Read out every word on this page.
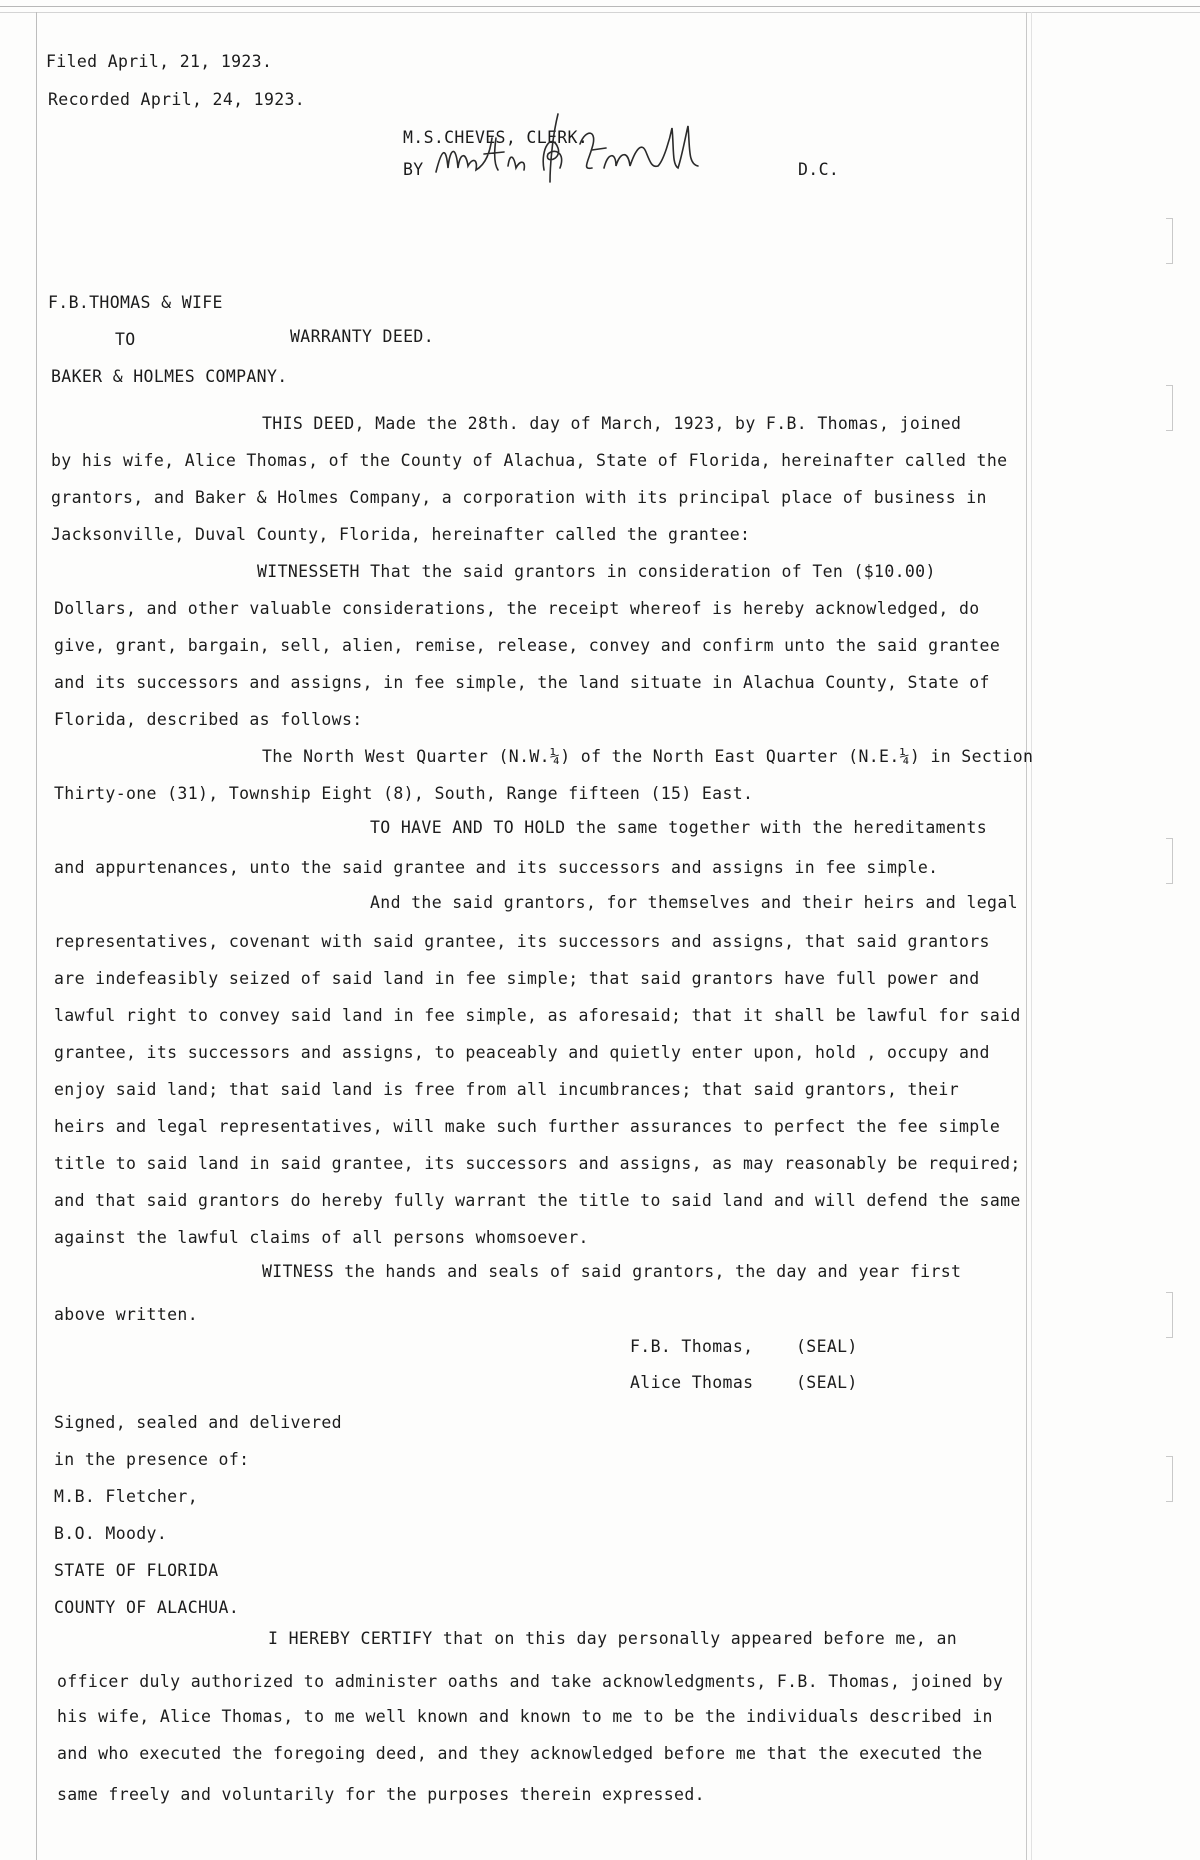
Filed April, 21, 1923.
Recorded April, 24, 1923.
M.S.CHEVES, CLERK.
BY	D.C.
F.B.THOMAS & WIFE
TO	WARRANTY DEED.
BAKER & HOLMES COMPANY.
THIS DEED, Made the 28th. day of March, 1923, by F.B. Thomas, joined
by his wife, Alice Thomas, of the County of Alachua, State of Florida, hereinafter called the
grantors, and Baker & Holmes Company, a corporation with its principal place of business in
Jacksonville, Duval County, Florida, hereinafter called the grantee:
WITNESSETH That the said grantors in consideration of Ten ($10.00)
Dollars, and other valuable considerations, the receipt whereof is hereby acknowledged, do
give, grant, bargain, sell, alien, remise, release, convey and confirm unto the said grantee
and its successors and assigns, in fee simple, the land situate in Alachua County, State of
Florida, described as follows:
The North West Quarter (N.W.¼) of the North East Quarter (N.E.¼) in Section
Thirty-one (31), Township Eight (8), South, Range fifteen (15) East.
TO HAVE AND TO HOLD the same together with the hereditaments
and appurtenances, unto the said grantee and its successors and assigns in fee simple.
And the said grantors, for themselves and their heirs and legal
representatives, covenant with said grantee, its successors and assigns, that said grantors
are indefeasibly seized of said land in fee simple; that said grantors have full power and
lawful right to convey said land in fee simple, as aforesaid; that it shall be lawful for said
grantee, its successors and assigns, to peaceably and quietly enter upon, hold , occupy and
enjoy said land; that said land is free from all incumbrances; that said grantors, their
heirs and legal representatives, will make such further assurances to perfect the fee simple
title to said land in said grantee, its successors and assigns, as may reasonably be required;
and that said grantors do hereby fully warrant the title to said land and will defend the same
against the lawful claims of all persons whomsoever.
WITNESS the hands and seals of said grantors, the day and year first
above written.
F.B. Thomas,	(SEAL)
Alice Thomas	(SEAL)
Signed, sealed and delivered
in the presence of:
M.B. Fletcher,
B.O. Moody.
STATE OF FLORIDA
COUNTY OF ALACHUA.
I HEREBY CERTIFY that on this day personally appeared before me, an
officer duly authorized to administer oaths and take acknowledgments, F.B. Thomas, joined by
his wife, Alice Thomas, to me well known and known to me to be the individuals described in
and who executed the foregoing deed, and they acknowledged before me that the executed the
same freely and voluntarily for the purposes therein expressed.
